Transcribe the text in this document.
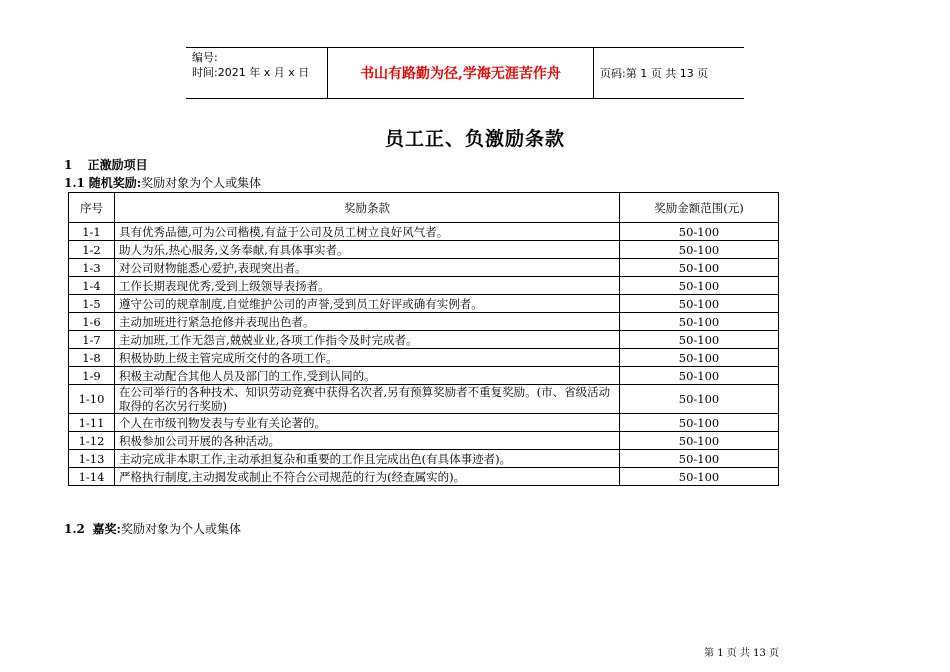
编号:
时间:2021 年 x 月 x 日	书山有路勤为径,学海无涯苦作舟	页码:第 1 页 共 13 页
员工正、负激励条款
1 正激励项目
1.1 随机奖励:奖励对象为个人或集体
序号	奖励条款	奖励金额范围(元)
1-1	具有优秀品德,可为公司楷模,有益于公司及员工树立良好风气者。	50-100
1-2	助人为乐,热心服务,义务奉献,有具体事实者。	50-100
1-3	对公司财物能悉心爱护,表现突出者。	50-100
1-4	工作长期表现优秀,受到上级领导表扬者。	50-100
1-5	遵守公司的规章制度,自觉维护公司的声誉,受到员工好评或确有实例者。	50-100
1-6	主动加班进行紧急抢修并表现出色者。	50-100
1-7	主动加班,工作无怨言,兢兢业业,各项工作指令及时完成者。	50-100
1-8	积极协助上级主管完成所交付的各项工作。	50-100
1-9	积极主动配合其他人员及部门的工作,受到认同的。	50-100
1-10	在公司举行的各种技术、知识劳动竞赛中获得名次者,另有预算奖励者不重复奖励。(市、省级活动取得的名次另行奖励)	50-100
1-11	个人在市级刊物发表与专业有关论著的。	50-100
1-12	积极参加公司开展的各种活动。	50-100
1-13	主动完成非本职工作,主动承担复杂和重要的工作且完成出色(有具体事迹者)。	50-100
1-14	严格执行制度,主动揭发或制止不符合公司规范的行为(经查属实的)。	50-100
1.2 嘉奖:奖励对象为个人或集体
第 1 页 共 13 页
